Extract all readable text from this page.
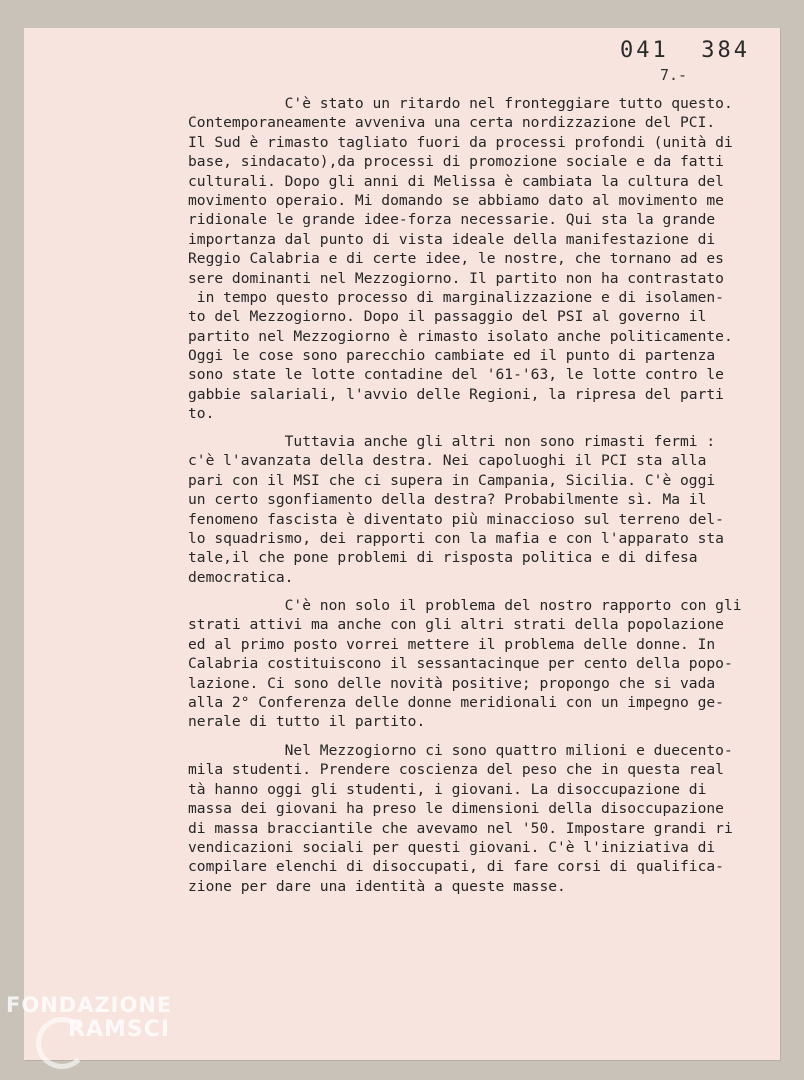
041  384
7.-
C'è stato un ritardo nel fronteggiare tutto questo.
Contemporaneamente avveniva una certa nordizzazione del PCI.
Il Sud è rimasto tagliato fuori da processi profondi (unità di
base, sindacato),da processi di promozione sociale e da fatti
culturali. Dopo gli anni di Melissa è cambiata la cultura del
movimento operaio. Mi domando se abbiamo dato al movimento me
ridionale le grande idee-forza necessarie. Qui sta la grande
importanza dal punto di vista ideale della manifestazione di
Reggio Calabria e di certe idee, le nostre, che tornano ad es
sere dominanti nel Mezzogiorno. Il partito non ha contrastato
in tempo questo processo di marginalizzazione e di isolamen-
to del Mezzogiorno. Dopo il passaggio del PSI al governo il
partito nel Mezzogiorno è rimasto isolato anche politicamente.
Oggi le cose sono parecchio cambiate ed il punto di partenza
sono state le lotte contadine del '61-'63, le lotte contro le
gabbie salariali, l'avvio delle Regioni, la ripresa del parti
to.
Tuttavia anche gli altri non sono rimasti fermi :
c'è l'avanzata della destra. Nei capoluoghi il PCI sta alla
pari con il MSI che ci supera in Campania, Sicilia. C'è oggi
un certo sgonfiamento della destra? Probabilmente sì. Ma il
fenomeno fascista è diventato più minaccioso sul terreno del-
lo squadrismo, dei rapporti con la mafia e con l'apparato sta
tale,il che pone problemi di risposta politica e di difesa
democratica.
C'è non solo il problema del nostro rapporto con gli
strati attivi ma anche con gli altri strati della popolazione
ed al primo posto vorrei mettere il problema delle donne. In
Calabria costituiscono il sessantacinque per cento della popo-
lazione. Ci sono delle novità positive; propongo che si vada
alla 2° Conferenza delle donne meridionali con un impegno ge-
nerale di tutto il partito.
Nel Mezzogiorno ci sono quattro milioni e duecento-
mila studenti. Prendere coscienza del peso che in questa real
tà hanno oggi gli studenti, i giovani. La disoccupazione di
massa dei giovani ha preso le dimensioni della disoccupazione
di massa bracciantile che avevamo nel '50. Impostare grandi ri
vendicazioni sociali per questi giovani. C'è l'iniziativa di
compilare elenchi di disoccupati, di fare corsi di qualifica-
zione per dare una identità a queste masse.
FONDAZIONE
RAMSCI
